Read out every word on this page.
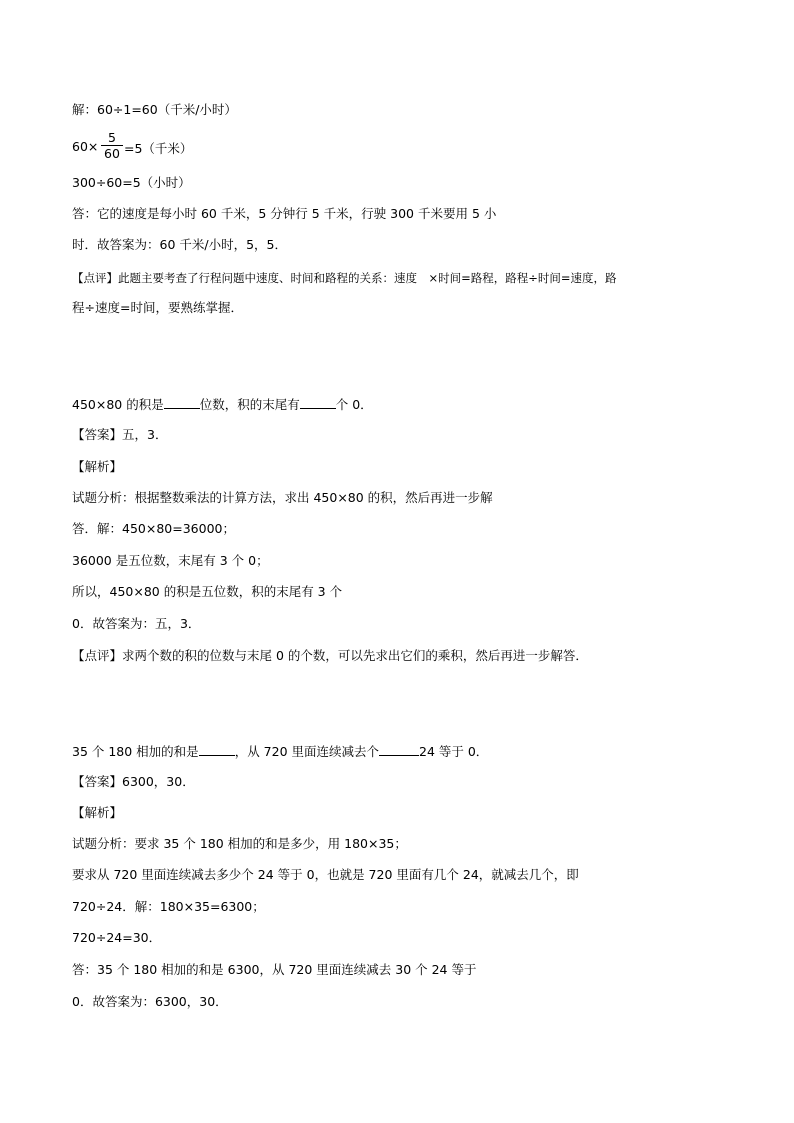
解：60÷1=60（千米/小时）
60×
5
60 =5（千米）
300÷60=5（小时）
答：它的速度是每小时 60 千米，5 分钟行 5 千米，行驶 300 千米要用 5 小
时．故答案为：60 千米/小时，5，5．
【点评】此题主要考查了行程问题中速度、时间和路程的关系：速度　×时间=路程，路程÷时间=速度，路
程÷速度=时间，要熟练掌握．
450×80 的积是	位数，积的末尾有	个 0．
【答案】五，3．
【解析】
试题分析：根据整数乘法的计算方法，求出 450×80 的积，然后再进一步解
答．解：450×80=36000；
36000 是五位数，末尾有 3 个 0；
所以，450×80 的积是五位数，积的末尾有 3 个
0．故答案为：五，3．
【点评】求两个数的积的位数与末尾 0 的个数，可以先求出它们的乘积，然后再进一步解答．
35 个 180 相加的和是	，从 720 里面连续减去个	24 等于 0．
【答案】6300，30．
【解析】
试题分析：要求 35 个 180 相加的和是多少，用 180×35；
要求从 720 里面连续减去多少个 24 等于 0，也就是 720 里面有几个 24，就减去几个，即
720÷24．解：180×35=6300；
720÷24=30．
答：35 个 180 相加的和是 6300，从 720 里面连续减去 30 个 24 等于
0．故答案为：6300，30．
